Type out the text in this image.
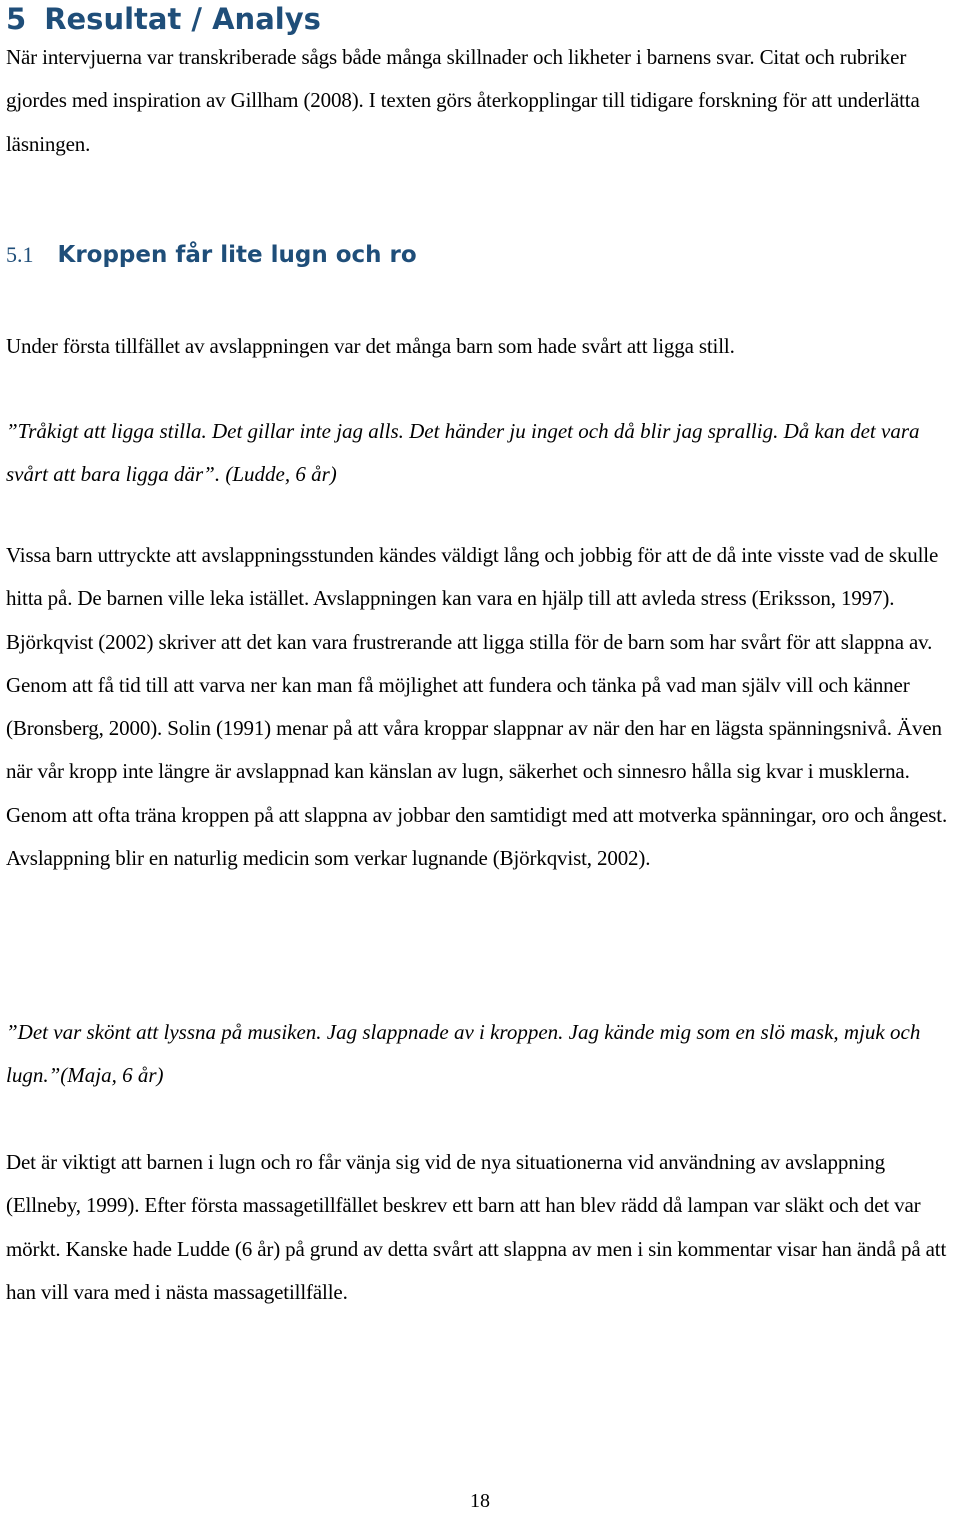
5 Resultat / Analys

När intervjuerna var transkriberade sågs både många skillnader och likheter i barnens svar. Citat och rubriker gjordes med inspiration av Gillham (2008). I texten görs återkopplingar till tidigare forskning för att underlätta läsningen.

5.1 Kroppen får lite lugn och ro

Under första tillfället av avslappningen var det många barn som hade svårt att ligga still.

”Tråkigt att ligga stilla. Det gillar inte jag alls. Det händer ju inget och då blir jag sprallig. Då kan det vara svårt att bara ligga där”. (Ludde, 6 år)

Vissa barn uttryckte att avslappningsstunden kändes väldigt lång och jobbig för att de då inte visste vad de skulle hitta på. De barnen ville leka istället. Avslappningen kan vara en hjälp till att avleda stress (Eriksson, 1997). Björkqvist (2002) skriver att det kan vara frustrerande att ligga stilla för de barn som har svårt för att slappna av. Genom att få tid till att varva ner kan man få möjlighet att fundera och tänka på vad man själv vill och känner (Bronsberg, 2000). Solin (1991) menar på att våra kroppar slappnar av när den har en lägsta spänningsnivå. Även när vår kropp inte längre är avslappnad kan känslan av lugn, säkerhet och sinnesro hålla sig kvar i musklerna. Genom att ofta träna kroppen på att slappna av jobbar den samtidigt med att motverka spänningar, oro och ångest. Avslappning blir en naturlig medicin som verkar lugnande (Björkqvist, 2002).

”Det var skönt att lyssna på musiken. Jag slappnade av i kroppen. Jag kände mig som en slö mask, mjuk och lugn.”(Maja, 6 år)

Det är viktigt att barnen i lugn och ro får vänja sig vid de nya situationerna vid användning av avslappning (Ellneby, 1999). Efter första massagetillfället beskrev ett barn att han blev rädd då lampan var släkt och det var mörkt. Kanske hade Ludde (6 år) på grund av detta svårt att slappna av men i sin kommentar visar han ändå på att han vill vara med i nästa massagetillfälle.

18
